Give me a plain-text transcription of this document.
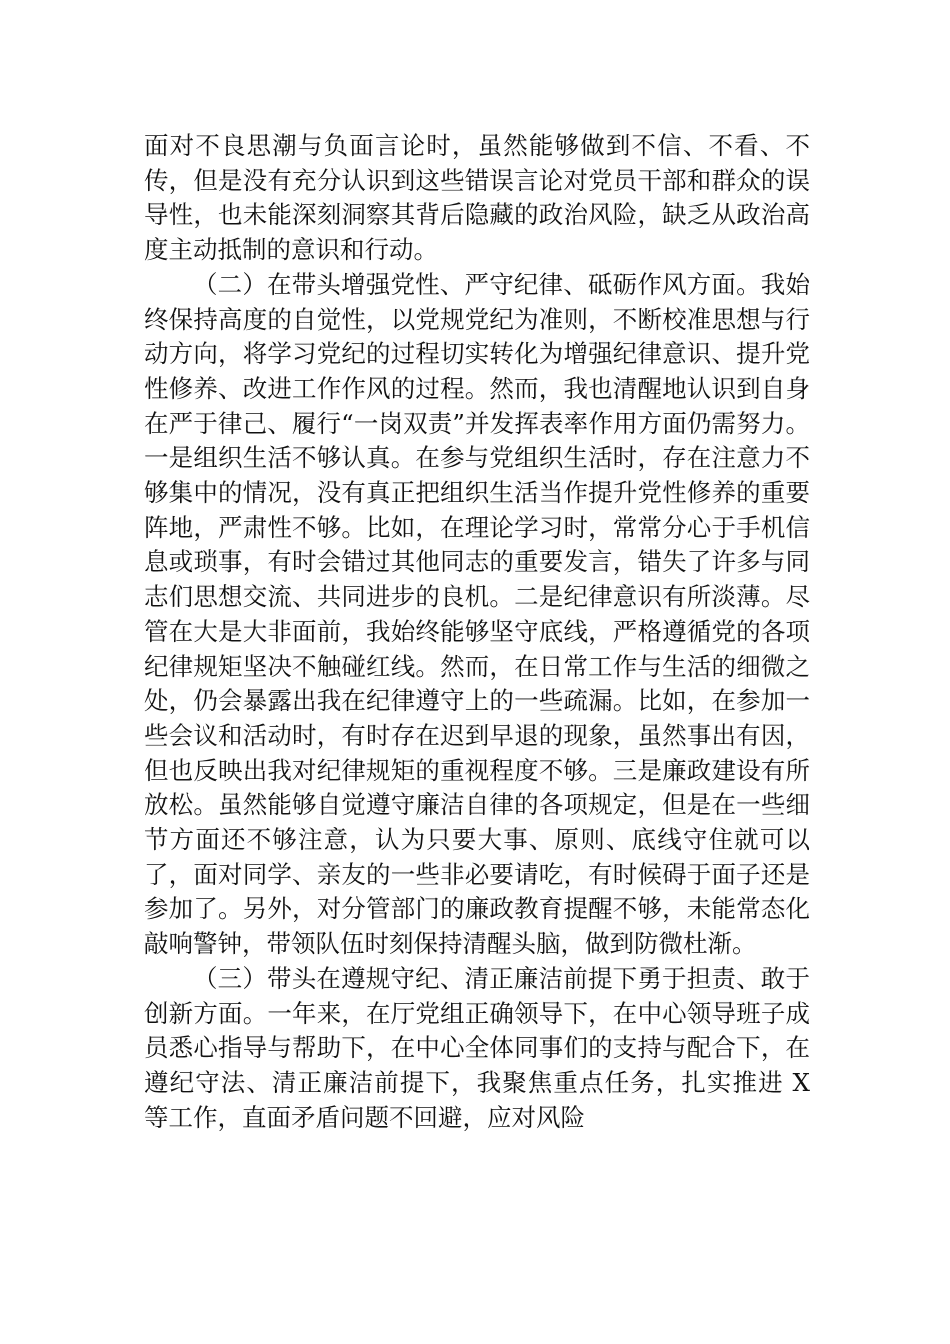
面对不良思潮与负面言论时，虽然能够做到不信、不看、不传，但是没有充分认识到这些错误言论对党员干部和群众的误导性，也未能深刻洞察其背后隐藏的政治风险，缺乏从政治高度主动抵制的意识和行动。

（二）在带头增强党性、严守纪律、砥砺作风方面。我始终保持高度的自觉性，以党规党纪为准则，不断校准思想与行动方向，将学习党纪的过程切实转化为增强纪律意识、提升党性修养、改进工作作风的过程。然而，我也清醒地认识到自身在严于律己、履行“一岗双责”并发挥表率作用方面仍需努力。一是组织生活不够认真。在参与党组织生活时，存在注意力不够集中的情况，没有真正把组织生活当作提升党性修养的重要阵地，严肃性不够。比如，在理论学习时，常常分心于手机信息或琐事，有时会错过其他同志的重要发言，错失了许多与同志们思想交流、共同进步的良机。二是纪律意识有所淡薄。尽管在大是大非面前，我始终能够坚守底线，严格遵循党的各项纪律规矩坚决不触碰红线。然而，在日常工作与生活的细微之处，仍会暴露出我在纪律遵守上的一些疏漏。比如，在参加一些会议和活动时，有时存在迟到早退的现象，虽然事出有因，但也反映出我对纪律规矩的重视程度不够。三是廉政建设有所放松。虽然能够自觉遵守廉洁自律的各项规定，但是在一些细节方面还不够注意，认为只要大事、原则、底线守住就可以了，面对同学、亲友的一些非必要请吃，有时候碍于面子还是参加了。另外，对分管部门的廉政教育提醒不够，未能常态化敲响警钟，带领队伍时刻保持清醒头脑，做到防微杜渐。

（三）带头在遵规守纪、清正廉洁前提下勇于担责、敢于创新方面。一年来，在厅党组正确领导下，在中心领导班子成员悉心指导与帮助下，在中心全体同事们的支持与配合下，在遵纪守法、清正廉洁前提下，我聚焦重点任务，扎实推进 X 等工作，直面矛盾问题不回避，应对风险
